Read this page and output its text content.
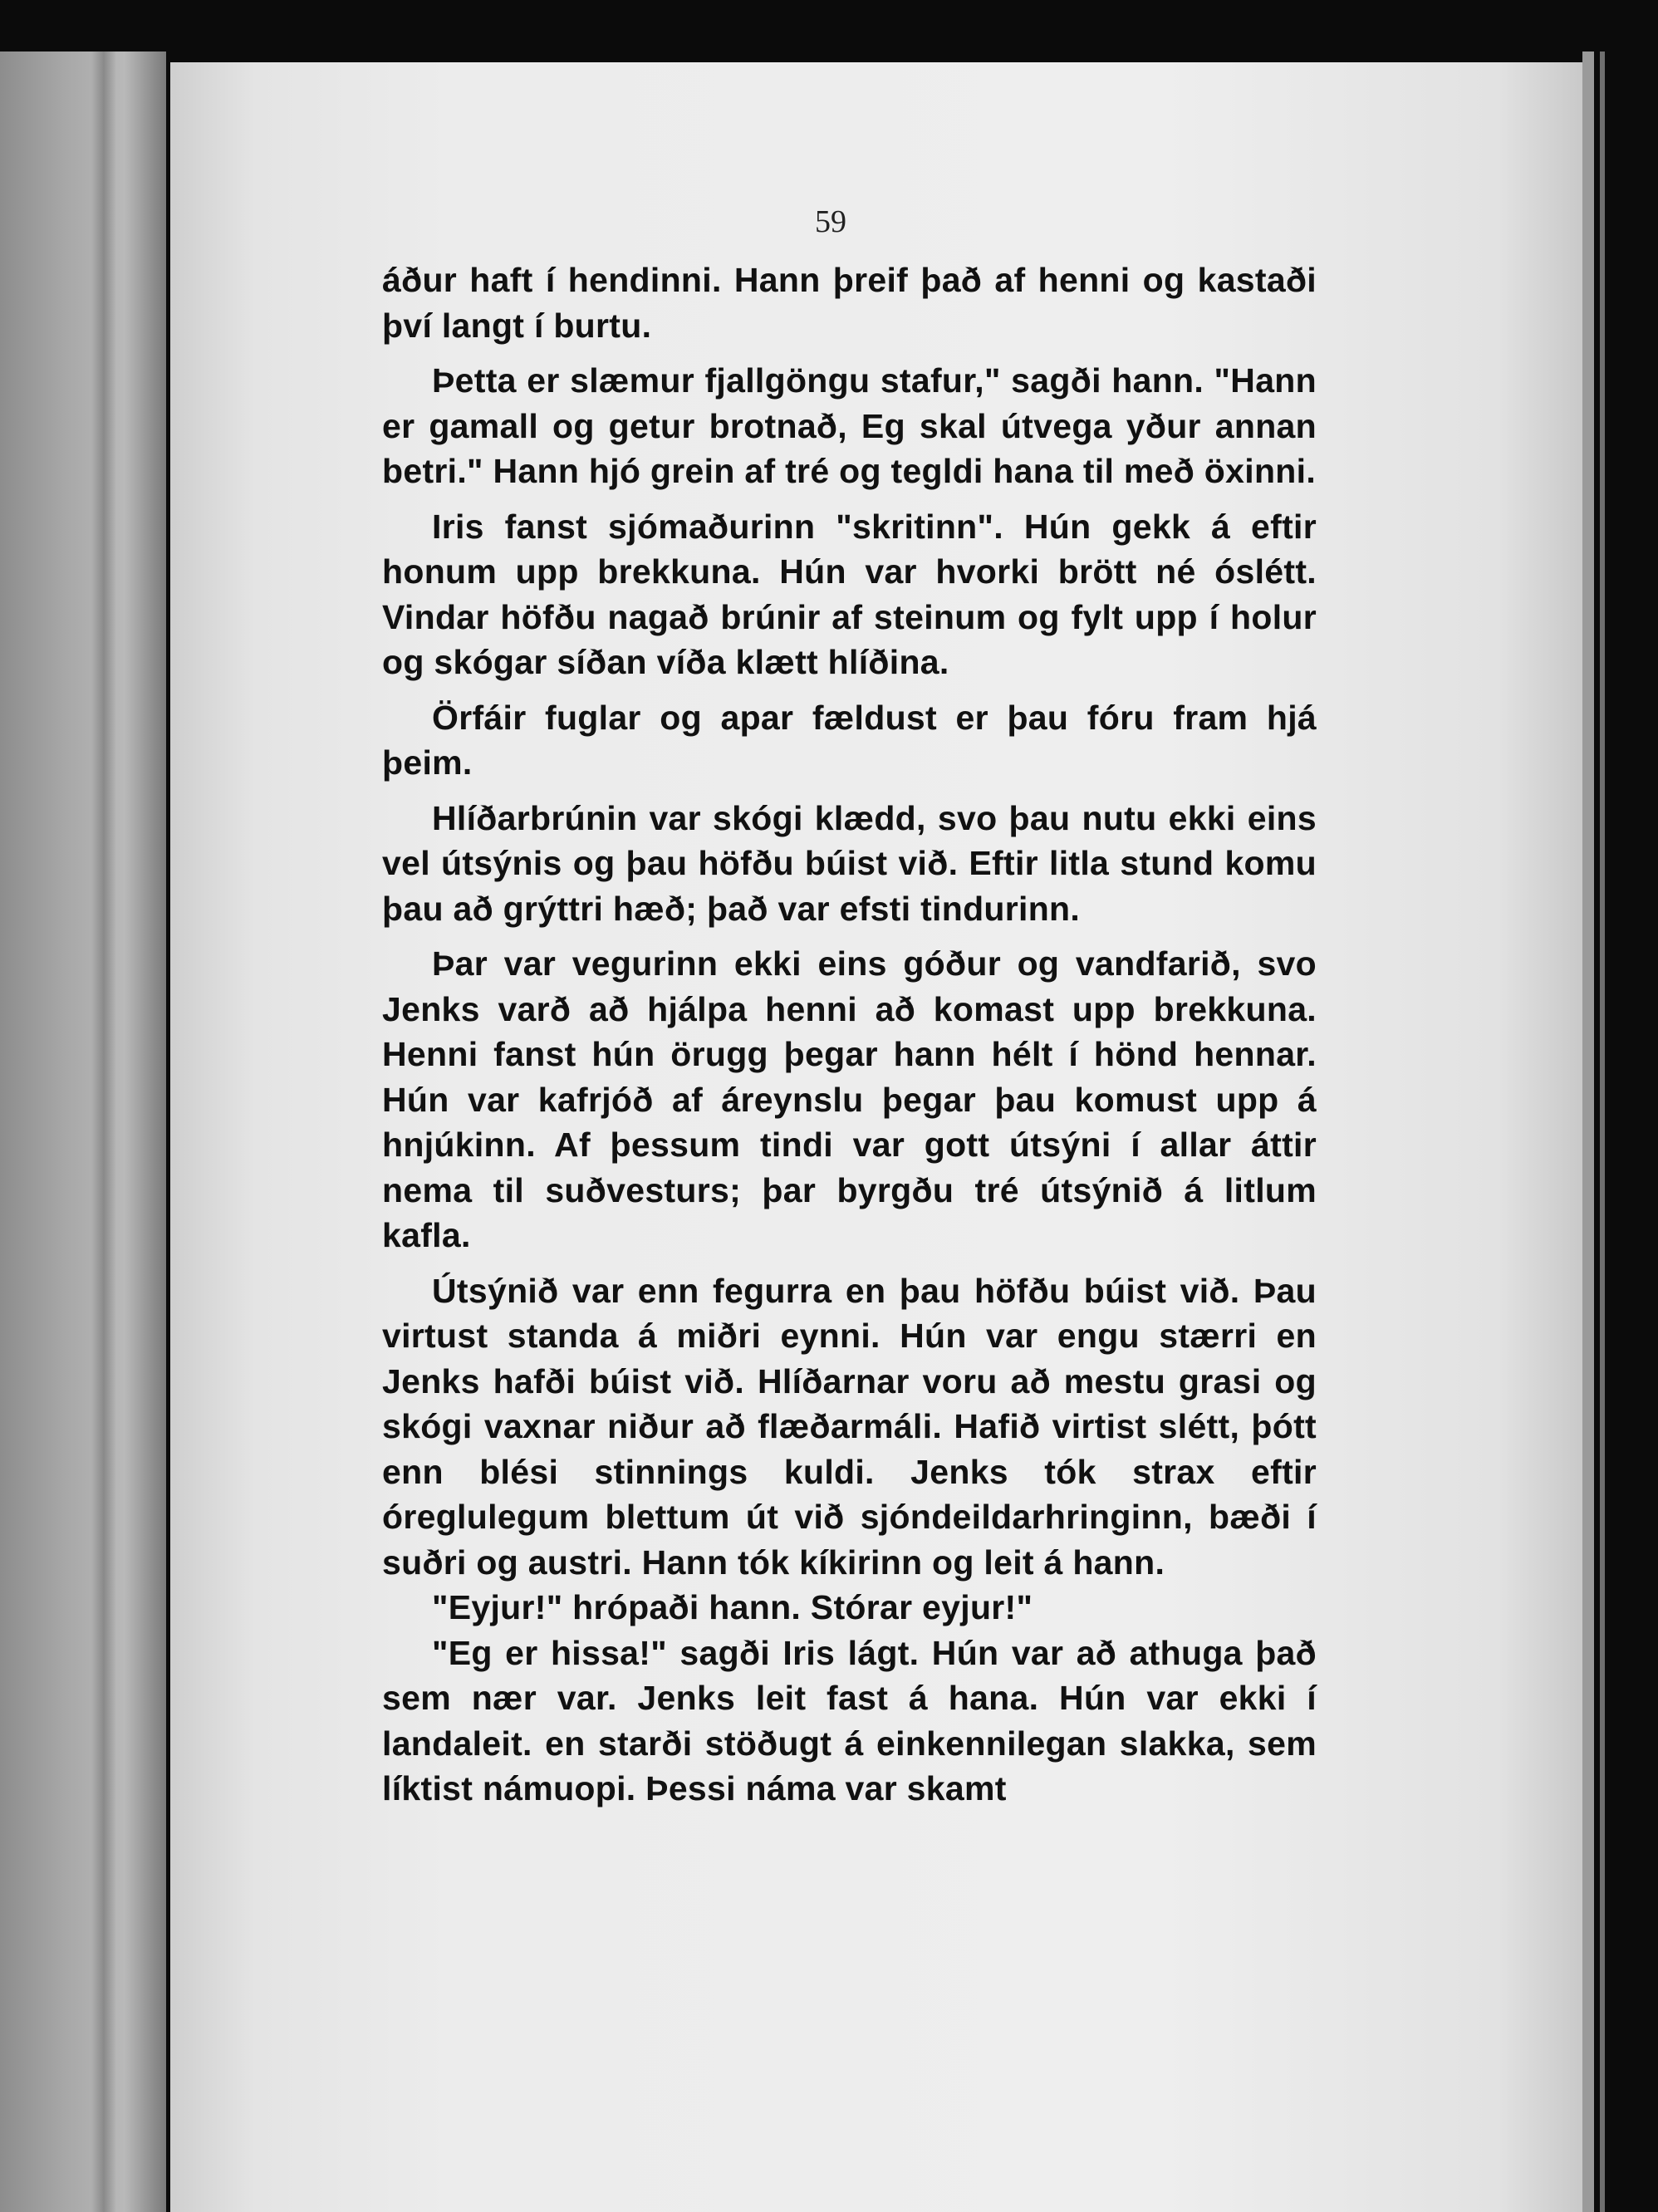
59

áður haft í hendinni. Hann þreif það af henni og kastaði því langt í burtu.

Þetta er slæmur fjallgöngu stafur," sagði hann. "Hann er gamall og getur brotnað, Eg skal útvega yður annan betri." Hann hjó grein af tré og tegldi hana til með öxinni.

Iris fanst sjómaðurinn "skritinn". Hún gekk á eftir honum upp brekkuna. Hún var hvorki brött né óslétt. Vindar höfðu nagað brúnir af steinum og fylt upp í holur og skógar síðan víða klætt hlíðina.

Örfáir fuglar og apar fældust er þau fóru fram hjá þeim.

Hlíðarbrúnin var skógi klædd, svo þau nutu ekki eins vel útsýnis og þau höfðu búist við. Eftir litla stund komu þau að grýttri hæð; það var efsti tindurinn.

Þar var vegurinn ekki eins góður og vandfarið, svo Jenks varð að hjálpa henni að komast upp brekkuna. Henni fanst hún örugg þegar hann hélt í hönd hennar. Hún var kafrjóð af áreynslu þegar þau komust upp á hnjúkinn. Af þessum tindi var gott útsýni í allar áttir nema til suðvesturs; þar byrgðu tré útsýnið á litlum kafla.

Útsýnið var enn fegurra en þau höfðu búist við. Þau virtust standa á miðri eynni. Hún var engu stærri en Jenks hafði búist við. Hlíðarnar voru að mestu grasi og skógi vaxnar niður að flæðarmáli. Hafið virtist slétt, þótt enn blési stinnings kuldi. Jenks tók strax eftir óreglulegum blettum út við sjóndeildarhringinn, bæði í suðri og austri. Hann tók kíkirinn og leit á hann.

"Eyjur!" hrópaði hann. Stórar eyjur!"

"Eg er hissa!" sagði Iris lágt. Hún var að athuga það sem nær var. Jenks leit fast á hana. Hún var ekki í landaleit. en starði stöðugt á einkennilegan slakka, sem líktist námuopi. Þessi náma var skamt
